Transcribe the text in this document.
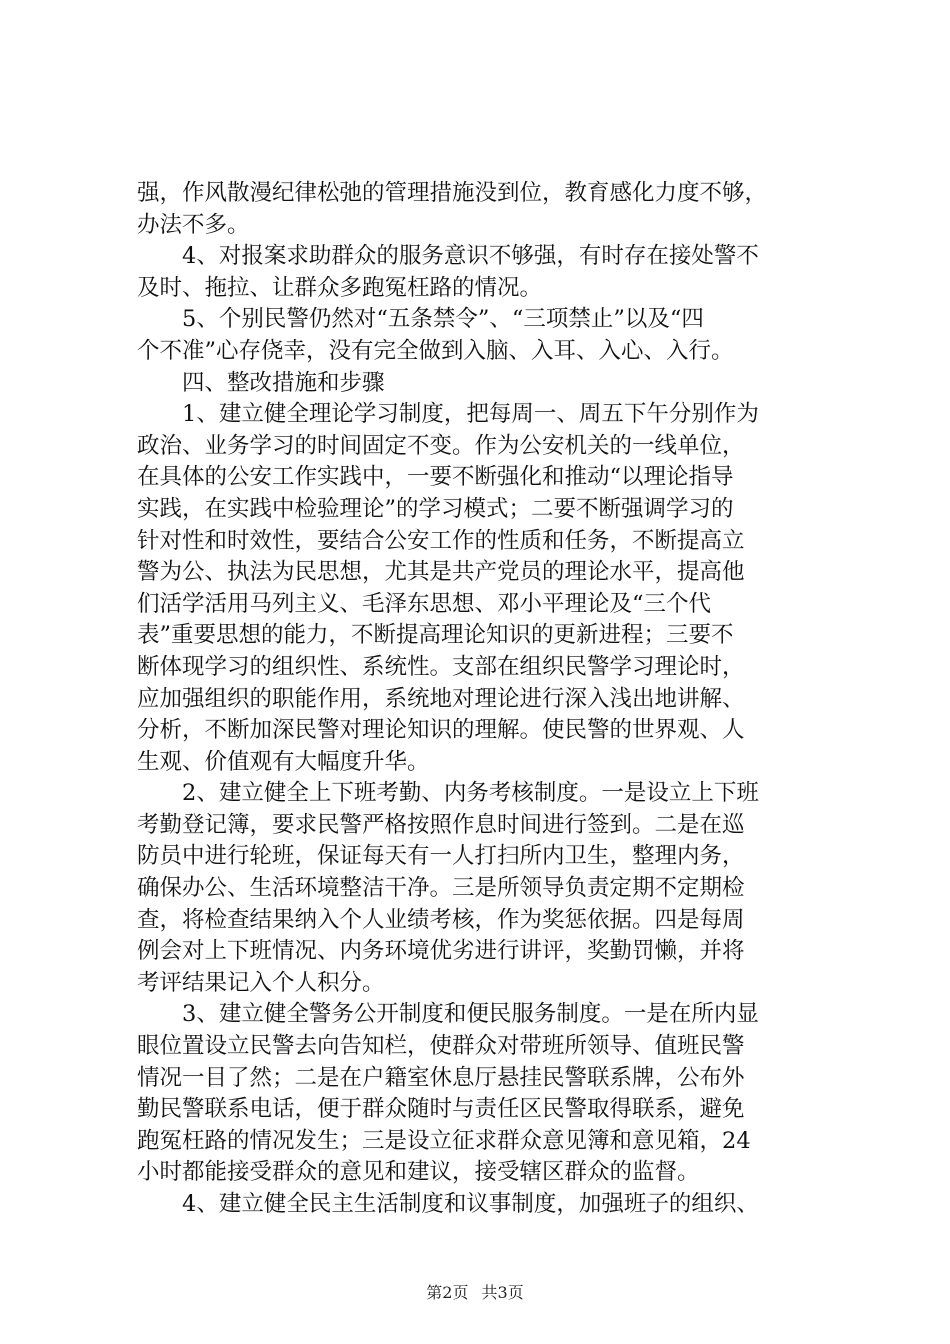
强，作风散漫纪律松弛的管理措施没到位，教育感化力度不够，
办法不多。
4、对报案求助群众的服务意识不够强，有时存在接处警不
及时、拖拉、让群众多跑冤枉路的情况。
5、个别民警仍然对“五条禁令”、“三项禁止”以及“四
个不准”心存侥幸，没有完全做到入脑、入耳、入心、入行。
四、整改措施和步骤
1、建立健全理论学习制度，把每周一、周五下午分别作为
政治、业务学习的时间固定不变。作为公安机关的一线单位，
在具体的公安工作实践中，一要不断强化和推动“以理论指导
实践，在实践中检验理论”的学习模式；二要不断强调学习的
针对性和时效性，要结合公安工作的性质和任务，不断提高立
警为公、执法为民思想，尤其是共产党员的理论水平，提高他
们活学活用马列主义、毛泽东思想、邓小平理论及“三个代
表”重要思想的能力，不断提高理论知识的更新进程；三要不
断体现学习的组织性、系统性。支部在组织民警学习理论时，
应加强组织的职能作用，系统地对理论进行深入浅出地讲解、
分析，不断加深民警对理论知识的理解。使民警的世界观、人
生观、价值观有大幅度升华。
2、建立健全上下班考勤、内务考核制度。一是设立上下班
考勤登记簿，要求民警严格按照作息时间进行签到。二是在巡
防员中进行轮班，保证每天有一人打扫所内卫生，整理内务，
确保办公、生活环境整洁干净。三是所领导负责定期不定期检
查，将检查结果纳入个人业绩考核，作为奖惩依据。四是每周
例会对上下班情况、内务环境优劣进行讲评，奖勤罚懒，并将
考评结果记入个人积分。
3、建立健全警务公开制度和便民服务制度。一是在所内显
眼位置设立民警去向告知栏，使群众对带班所领导、值班民警
情况一目了然；二是在户籍室休息厅悬挂民警联系牌，公布外
勤民警联系电话，便于群众随时与责任区民警取得联系，避免
跑冤枉路的情况发生；三是设立征求群众意见簿和意见箱，24
小时都能接受群众的意见和建议，接受辖区群众的监督。
4、建立健全民主生活制度和议事制度，加强班子的组织、
第2页 共3页
